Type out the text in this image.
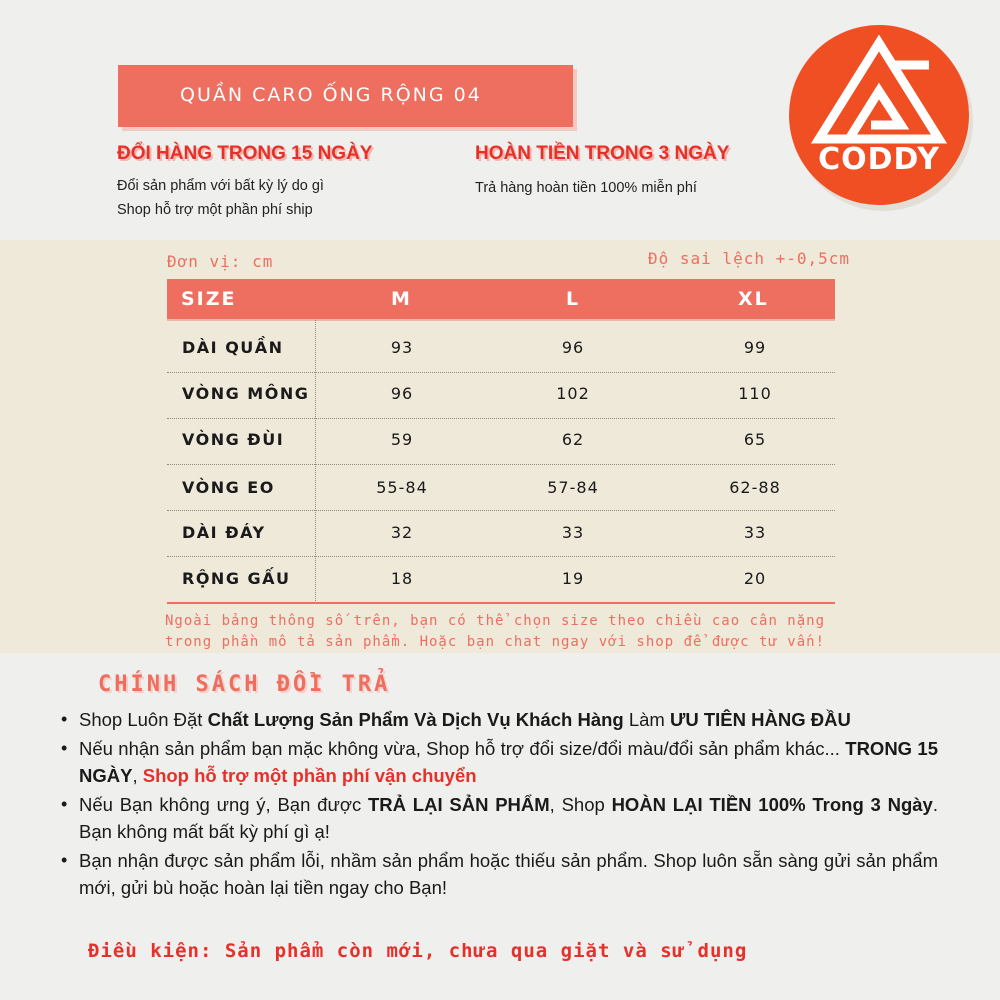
QUẦN CARO ỐNG RỘNG 04
ĐỔI HÀNG TRONG 15 NGÀY
Đổi sản phẩm với bất kỳ lý do gì
Shop hỗ trợ một phần phí ship
HOÀN TIỀN TRONG 3 NGÀY
Trả hàng hoàn tiền 100% miễn phí
CODDY
Đơn vị: cm	Độ sai lệch +-0,5cm
SIZE	M	L	XL
DÀI QUẦN	93	96	99
VÒNG MÔNG	96	102	110
VÒNG ĐÙI	59	62	65
VÒNG EO	55-84	57-84	62-88
DÀI ĐÁY	32	33	33
RỘNG GẤU	18	19	20
Ngoài bảng thông số trên, bạn có thể chọn size theo chiều cao cân nặng
trong phần mô tả sản phẩm. Hoặc bạn chat ngay với shop để được tư vấn!
CHÍNH SÁCH ĐỔI TRẢ
• Shop Luôn Đặt Chất Lượng Sản Phẩm Và Dịch Vụ Khách Hàng Làm ƯU TIÊN HÀNG ĐẦU
• Nếu nhận sản phẩm bạn mặc không vừa, Shop hỗ trợ đổi size/đổi màu/đổi sản phẩm khác... TRONG 15 NGÀY, Shop hỗ trợ một phần phí vận chuyển
• Nếu Bạn không ưng ý, Bạn được TRẢ LẠI SẢN PHẨM, Shop HOÀN LẠI TIỀN 100% Trong 3 Ngày. Bạn không mất bất kỳ phí gì ạ!
• Bạn nhận được sản phẩm lỗi, nhầm sản phẩm hoặc thiếu sản phẩm. Shop luôn sẵn sàng gửi sản phẩm mới, gửi bù hoặc hoàn lại tiền ngay cho Bạn!
Điều kiện: Sản phẩm còn mới, chưa qua giặt và sử dụng
